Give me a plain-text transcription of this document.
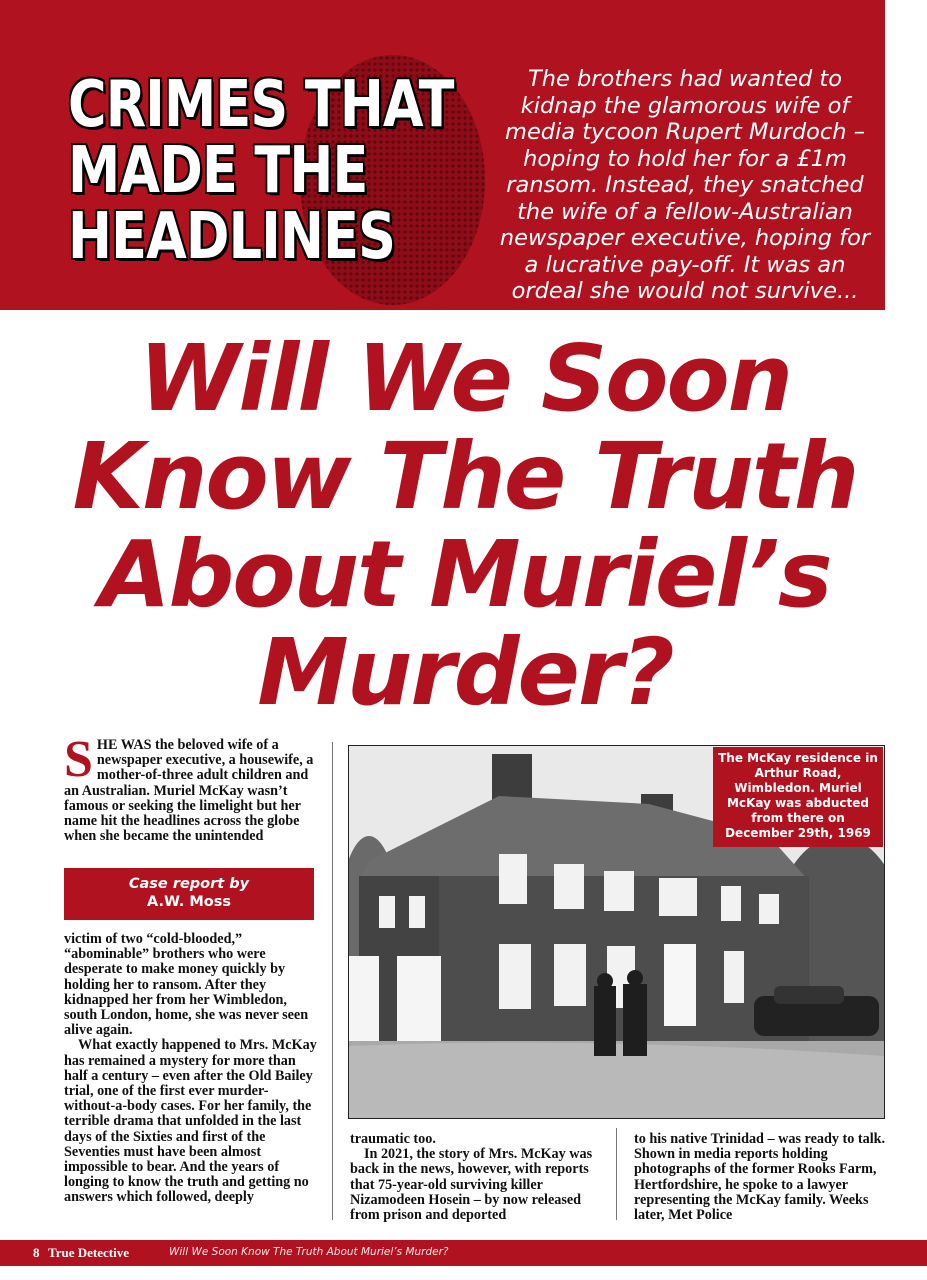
CRIMES THAT
MADE THE
HEADLINES
The brothers had wanted to kidnap the glamorous wife of media tycoon Rupert Murdoch – hoping to hold her for a £1m ransom. Instead, they snatched the wife of a fellow-Australian newspaper executive, hoping for a lucrative pay-off. It was an ordeal she would not survive...
Will We Soon
Know The Truth
About Muriel’s
Murder?

SHE WAS the beloved wife of a newspaper executive, a housewife, a mother-of-three adult children and an Australian. Muriel McKay wasn’t famous or seeking the limelight but her name hit the headlines across the globe when she became the unintended

Case report by
A.W. Moss

victim of two “cold-blooded,” “abominable” brothers who were desperate to make money quickly by holding her to ransom. After they kidnapped her from her Wimbledon, south London, home, she was never seen alive again.

What exactly happened to Mrs. McKay has remained a mystery for more than half a century – even after the Old Bailey trial, one of the first ever murder-without-a-body cases. For her family, the terrible drama that unfolded in the last days of the Sixties and first of the Seventies must have been almost impossible to bear. And the years of longing to know the truth and getting no answers which followed, deeply

The McKay residence in Arthur Road, Wimbledon. Muriel McKay was abducted from there on December 29th, 1969

traumatic too.

In 2021, the story of Mrs. McKay was back in the news, however, with reports that 75-year-old surviving killer Nizamodeen Hosein – by now released from prison and deported

to his native Trinidad – was ready to talk. Shown in media reports holding photographs of the former Rooks Farm, Hertfordshire, he spoke to a lawyer representing the McKay family. Weeks later, Met Police

8 True Detective	Will We Soon Know The Truth About Muriel’s Murder?
